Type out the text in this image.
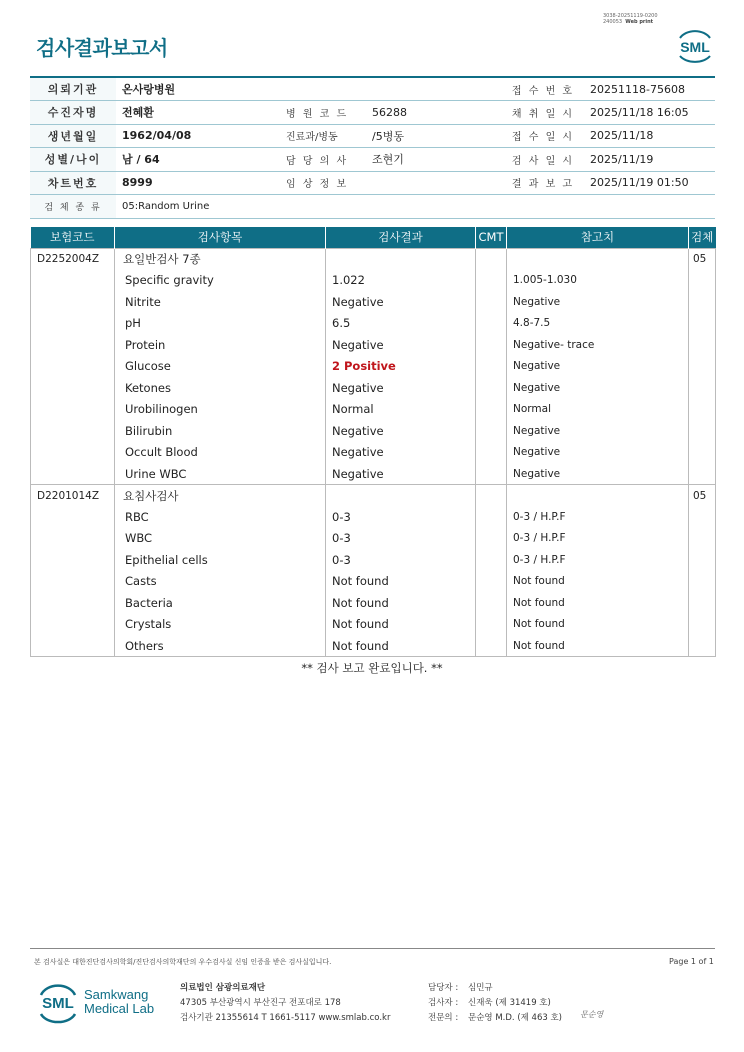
3038-20251119-0200
240053 Web print
검사결과보고서	SML
의뢰기관	온사랑병원			접 수 번 호	20251118-75608
수진자명	전혜환	병 원 코 드	56288	채 취 일 시	2025/11/18 16:05
생년월일	1962/04/08	진료과/병동	/5병동	접 수 일 시	2025/11/18
성별/나이	남 / 64	담 당 의 사	조현기	검 사 일 시	2025/11/19
차트번호	8999	임 상 정 보		결 과 보 고	2025/11/19 01:50
검 체 종 류	05:Random Urine				
보험코드	검사항목	검사결과	CMT	참고치	검체
D2252004Z	요일반검사 7종				05
	Specific gravity	1.022		1.005-1.030	
	Nitrite	Negative		Negative	
	pH	6.5		4.8-7.5	
	Protein	Negative		Negative- trace	
	Glucose	2 Positive		Negative	
	Ketones	Negative		Negative	
	Urobilinogen	Normal		Normal	
	Bilirubin	Negative		Negative	
	Occult Blood	Negative		Negative	
	Urine WBC	Negative		Negative	
D2201014Z	요침사검사				05
	RBC	0-3		0-3 / H.P.F	
	WBC	0-3		0-3 / H.P.F	
	Epithelial cells	0-3		0-3 / H.P.F	
	Casts	Not found		Not found	
	Bacteria	Not found		Not found	
	Crystals	Not found		Not found	
	Others	Not found		Not found	
** 검사 보고 완료입니다. **
본 검사실은 대한진단검사의학회/진단검사의학재단의 우수검사실 신임 인증을 받은 검사실입니다.	Page 1 of 1
SML
Samkwang
Medical Lab
의료법인 삼광의료재단
47305 부산광역시 부산진구 전포대로 178
검사기관 21355614 T 1661-5117 www.smlab.co.kr
담당자 : 심민규
검사자 : 신재욱 (제 31419 호)
전문의 : 문순영 M.D. (제 463 호) 문순영
